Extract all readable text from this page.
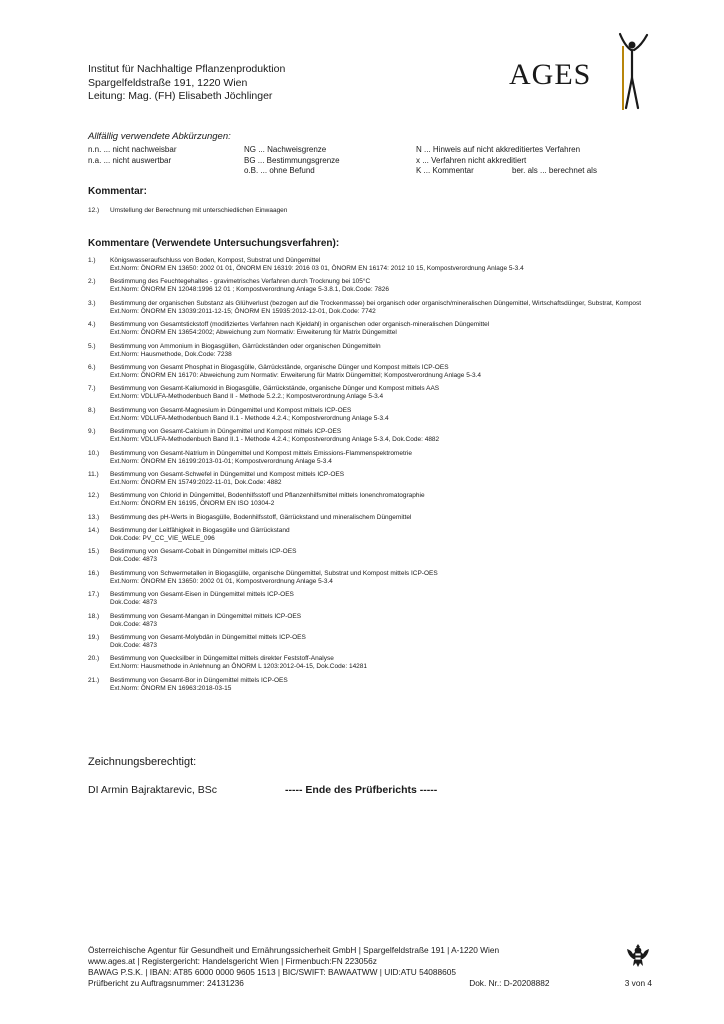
Institut für Nachhaltige Pflanzenproduktion
Spargelfeldstraße 191, 1220 Wien
Leitung: Mag. (FH) Elisabeth Jöchlinger
AGES
Allfällig verwendete Abkürzungen:
n.n. ... nicht nachweisbar
n.a. ... nicht auswertbar
NG ... Nachweisgrenze
BG ... Bestimmungsgrenze
o.B. ... ohne Befund
N ... Hinweis auf nicht akkreditiertes Verfahren
x ... Verfahren nicht akkreditiert
K ... Kommentar	ber. als ... berechnet als
Kommentar:
12.) Umstellung der Berechnung mit unterschiedlichen Einwaagen
Kommentare (Verwendete Untersuchungsverfahren):
1.)	Königswasseraufschluss von Boden, Kompost, Substrat und Düngemittel
Ext.Norm: ÖNORM EN 13650: 2002 01 01, ÖNORM EN 16319: 2016 03 01, ÖNORM EN 16174: 2012 10 15, Kompostverordnung Anlage 5-3.4
2.)	Bestimmung des Feuchtegehaltes - gravimetrisches Verfahren durch Trocknung bei 105°C
Ext.Norm: ÖNORM EN 12048:1996 12 01 ; Kompostverordnung Anlage 5-3.8.1, Dok.Code: 7826
3.)	Bestimmung der organischen Substanz als Glühverlust (bezogen auf die Trockenmasse) bei organisch oder organisch/mineralischen Düngemittel, Wirtschaftsdünger, Substrat, Kompost
Ext.Norm: ÖNORM EN 13039:2011-12-15; ÖNORM EN 15935:2012-12-01, Dok.Code: 7742
4.)	Bestimmung von Gesamtstickstoff (modifiziertes Verfahren nach Kjeldahl) in organischen oder organisch-mineralischen Düngemittel
Ext.Norm: ÖNORM EN 13654:2002; Abweichung zum Normativ: Erweiterung für Matrix Düngemittel
5.)	Bestimmung von Ammonium in Biogasgüllen, Gärrückständen oder organischen Düngemitteln
Ext.Norm: Hausmethode, Dok.Code: 7238
6.)	Bestimmung von Gesamt Phosphat in Biogasgülle, Gärrückstände, organische Dünger und Kompost mittels ICP-OES
Ext.Norm: ÖNORM EN 16170: Abweichung zum Normativ: Erweiterung für Matrix Düngemittel; Kompostverordnung Anlage 5-3.4
7.)	Bestimmung von Gesamt-Kaliumoxid in Biogasgülle, Gärrückstände, organische Dünger und Kompost mittels AAS
Ext.Norm: VDLUFA-Methodenbuch Band II - Methode 5.2.2.; Kompostverordnung Anlage 5-3.4
8.)	Bestimmung von Gesamt-Magnesium in Düngemittel und Kompost mittels ICP-OES
Ext.Norm: VDLUFA-Methodenbuch Band II.1 - Methode 4.2.4.; Kompostverordnung Anlage 5-3.4
9.)	Bestimmung von Gesamt-Calcium in Düngemittel und Kompost mittels ICP-OES
Ext.Norm: VDLUFA-Methodenbuch Band II.1 - Methode 4.2.4.; Kompostverordnung Anlage 5-3.4, Dok.Code: 4882
10.)	Bestimmung von Gesamt-Natrium in Düngemittel und Kompost mittels Emissions-Flammenspektrometrie
Ext.Norm: ÖNORM EN 16199:2013-01-01; Kompostverordnung Anlage 5-3.4
11.)	Bestimmung von Gesamt-Schwefel in Düngemittel und Kompost mittels ICP-OES
Ext.Norm: ÖNORM EN 15749:2022-11-01, Dok.Code: 4882
12.)	Bestimmung von Chlorid in Düngemittel, Bodenhilfsstoff und Pflanzenhilfsmittel mittels Ionenchromatographie
Ext.Norm: ÖNORM EN 16195, ÖNORM EN ISO 10304-2
13.)	Bestimmung des pH-Werts in Biogasgülle, Bodenhilfsstoff, Gärrückstand und mineralischem Düngemittel
14.)	Bestimmung der Leitfähigkeit in Biogasgülle und Gärrückstand
Dok.Code: PV_CC_VIE_WELE_096
15.)	Bestimmung von Gesamt-Cobalt in Düngemittel mittels ICP-OES
Dok.Code: 4873
16.)	Bestimmung von Schwermetallen in Biogasgülle, organische Düngemittel, Substrat und Kompost mittels ICP-OES
Ext.Norm: ÖNORM EN 13650: 2002 01 01, Kompostverordnung Anlage 5-3.4
17.)	Bestimmung von Gesamt-Eisen in Düngemittel mittels ICP-OES
Dok.Code: 4873
18.)	Bestimmung von Gesamt-Mangan in Düngemittel mittels ICP-OES
Dok.Code: 4873
19.)	Bestimmung von Gesamt-Molybdän in Düngemittel mittels ICP-OES
Dok.Code: 4873
20.)	Bestimmung von Quecksilber in Düngemittel mittels direkter Feststoff-Analyse
Ext.Norm: Hausmethode in Anlehnung an ÖNORM L 1203:2012-04-15, Dok.Code: 14281
21.)	Bestimmung von Gesamt-Bor in Düngemittel mittels ICP-OES
Ext.Norm: ÖNORM EN 16963:2018-03-15
Zeichnungsberechtigt:
DI Armin Bajraktarevic, BSc	----- Ende des Prüfberichts -----
Österreichische Agentur für Gesundheit und Ernährungssicherheit GmbH | Spargelfeldstraße 191 | A-1220 Wien
www.ages.at | Registergericht: Handelsgericht Wien | Firmenbuch:FN 223056z
BAWAG P.S.K. | IBAN: AT85 6000 0000 9605 1513 | BIC/SWIFT: BAWAATWW | UID:ATU 54088605
Prüfbericht zu Auftragsnummer: 24131236	Dok. Nr.: D-20208882	3 von 4
